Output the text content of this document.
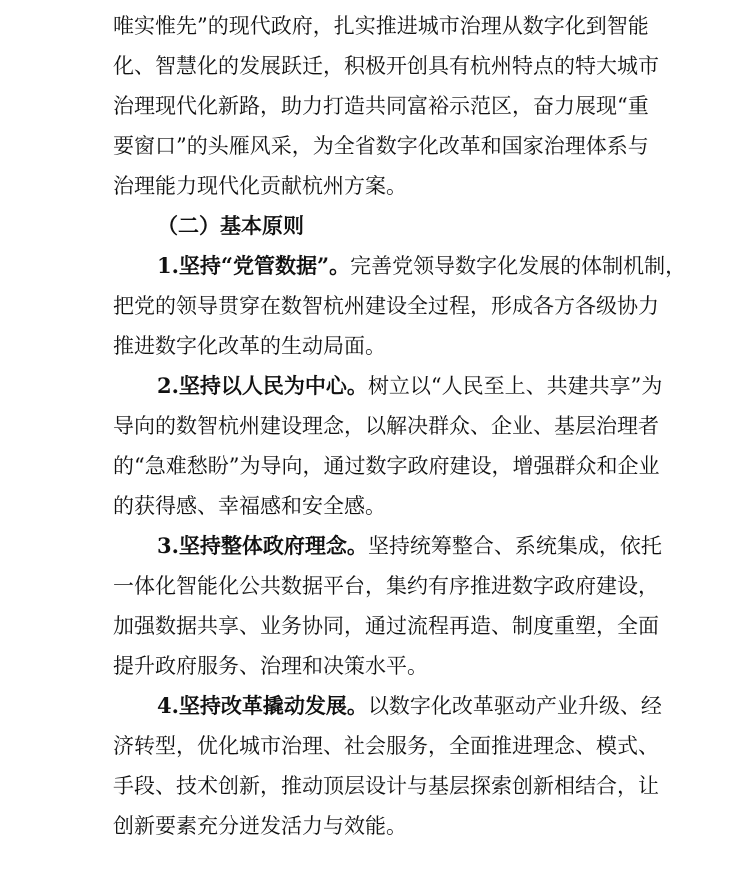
唯实惟先”的现代政府，扎实推进城市治理从数字化到智能
化、智慧化的发展跃迁，积极开创具有杭州特点的特大城市
治理现代化新路，助力打造共同富裕示范区，奋力展现“重
要窗口”的头雁风采，为全省数字化改革和国家治理体系与
治理能力现代化贡献杭州方案。
（二）基本原则
1.坚持“党管数据”。完善党领导数字化发展的体制机制，
把党的领导贯穿在数智杭州建设全过程，形成各方各级协力
推进数字化改革的生动局面。
2.坚持以人民为中心。树立以“人民至上、共建共享”为
导向的数智杭州建设理念，以解决群众、企业、基层治理者
的“急难愁盼”为导向，通过数字政府建设，增强群众和企业
的获得感、幸福感和安全感。
3.坚持整体政府理念。坚持统筹整合、系统集成，依托
一体化智能化公共数据平台，集约有序推进数字政府建设，
加强数据共享、业务协同，通过流程再造、制度重塑，全面
提升政府服务、治理和决策水平。
4.坚持改革撬动发展。以数字化改革驱动产业升级、经
济转型，优化城市治理、社会服务，全面推进理念、模式、
手段、技术创新，推动顶层设计与基层探索创新相结合，让
创新要素充分迸发活力与效能。
